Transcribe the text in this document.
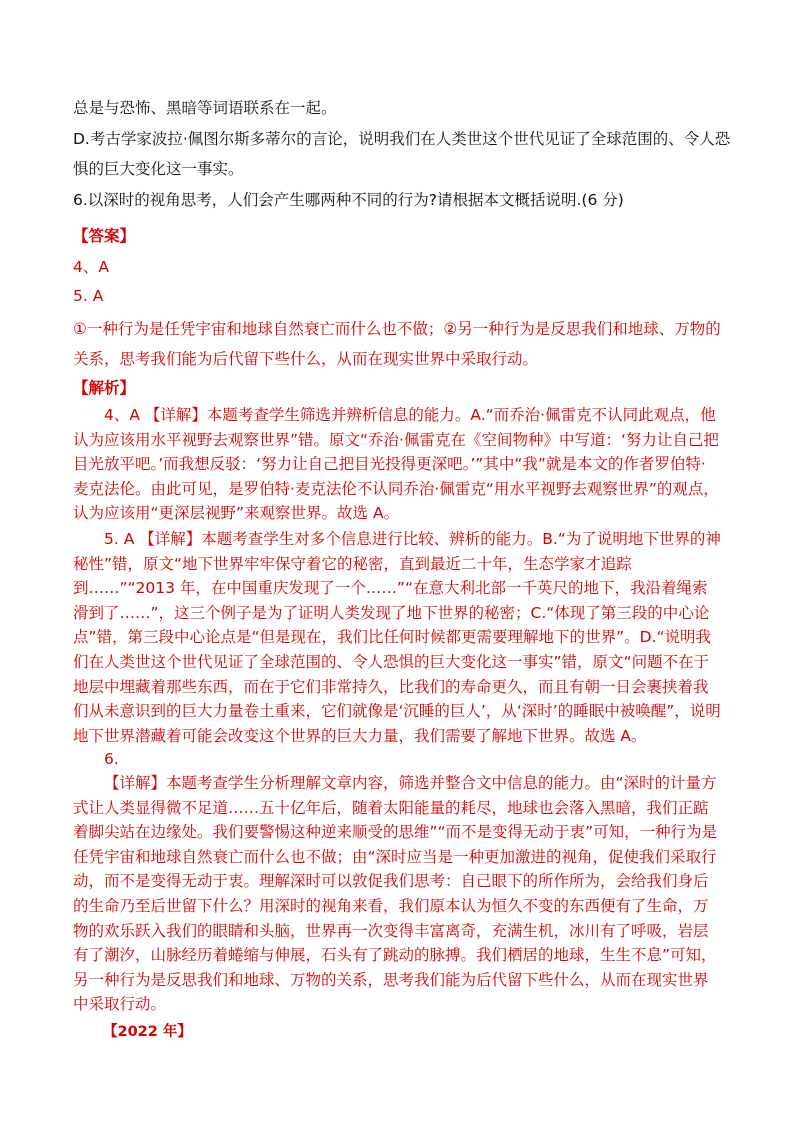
总是与恐怖、黑暗等词语联系在一起。

D.考古学家波拉·佩图尔斯多蒂尔的言论，说明我们在人类世这个世代见证了全球范围的、令人恐惧的巨大变化这一事实。

6.以深时的视角思考，人们会产生哪两种不同的行为?请根据本文概括说明.(6 分)

【答案】
4、A
5. A

①一种行为是任凭宇宙和地球自然衰亡而什么也不做；②另一种行为是反思我们和地球、万物的关系，思考我们能为后代留下些什么，从而在现实世界中采取行动。

【解析】

4、A 【详解】本题考查学生筛选并辨析信息的能力。A.“而乔治·佩雷克不认同此观点，他认为应该用水平视野去观察世界”错。原文“乔治·佩雷克在《空间物种》中写道：‘努力让自己把目光放平吧。’而我想反驳：‘努力让自己把目光投得更深吧。’”其中“我”就是本文的作者罗伯特·麦克法伦。由此可见，是罗伯特·麦克法伦不认同乔治·佩雷克“用水平视野去观察世界”的观点，认为应该用“更深层视野”来观察世界。故选 A。

5. A 【详解】本题考查学生对多个信息进行比较、辨析的能力。B.“为了说明地下世界的神秘性”错，原文“地下世界牢牢保守着它的秘密，直到最近二十年，生态学家才追踪到……”“2013 年，在中国重庆发现了一个……”“在意大利北部一千英尺的地下，我沿着绳索滑到了……”，这三个例子是为了证明人类发现了地下世界的秘密；C.“体现了第三段的中心论点”错，第三段中心论点是“但是现在，我们比任何时候都更需要理解地下的世界”。D.“说明我们在人类世这个世代见证了全球范围的、令人恐惧的巨大变化这一事实”错，原文“问题不在于地层中埋藏着那些东西，而在于它们非常持久，比我们的寿命更久，而且有朝一日会裹挟着我们从未意识到的巨大力量卷土重来，它们就像是‘沉睡的巨人’，从‘深时’的睡眠中被唤醒”，说明地下世界潜藏着可能会改变这个世界的巨大力量，我们需要了解地下世界。故选 A。

6.

【详解】本题考查学生分析理解文章内容，筛选并整合文中信息的能力。由“深时的计量方式让人类显得微不足道……五十亿年后，随着太阳能量的耗尽，地球也会落入黑暗，我们正踮着脚尖站在边缘处。我们要警惕这种逆来顺受的思维”“而不是变得无动于衷”可知，一种行为是任凭宇宙和地球自然衰亡而什么也不做；由“深时应当是一种更加激进的视角，促使我们采取行动，而不是变得无动于衷。理解深时可以敦促我们思考：自己眼下的所作所为，会给我们身后的生命乃至后世留下什么？用深时的视角来看，我们原本认为恒久不变的东西便有了生命，万物的欢乐跃入我们的眼睛和头脑，世界再一次变得丰富离奇，充满生机，冰川有了呼吸，岩层有了潮汐，山脉经历着蜷缩与伸展，石头有了跳动的脉搏。我们栖居的地球，生生不息”可知，另一种行为是反思我们和地球、万物的关系，思考我们能为后代留下些什么，从而在现实世界中采取行动。

【2022 年】
